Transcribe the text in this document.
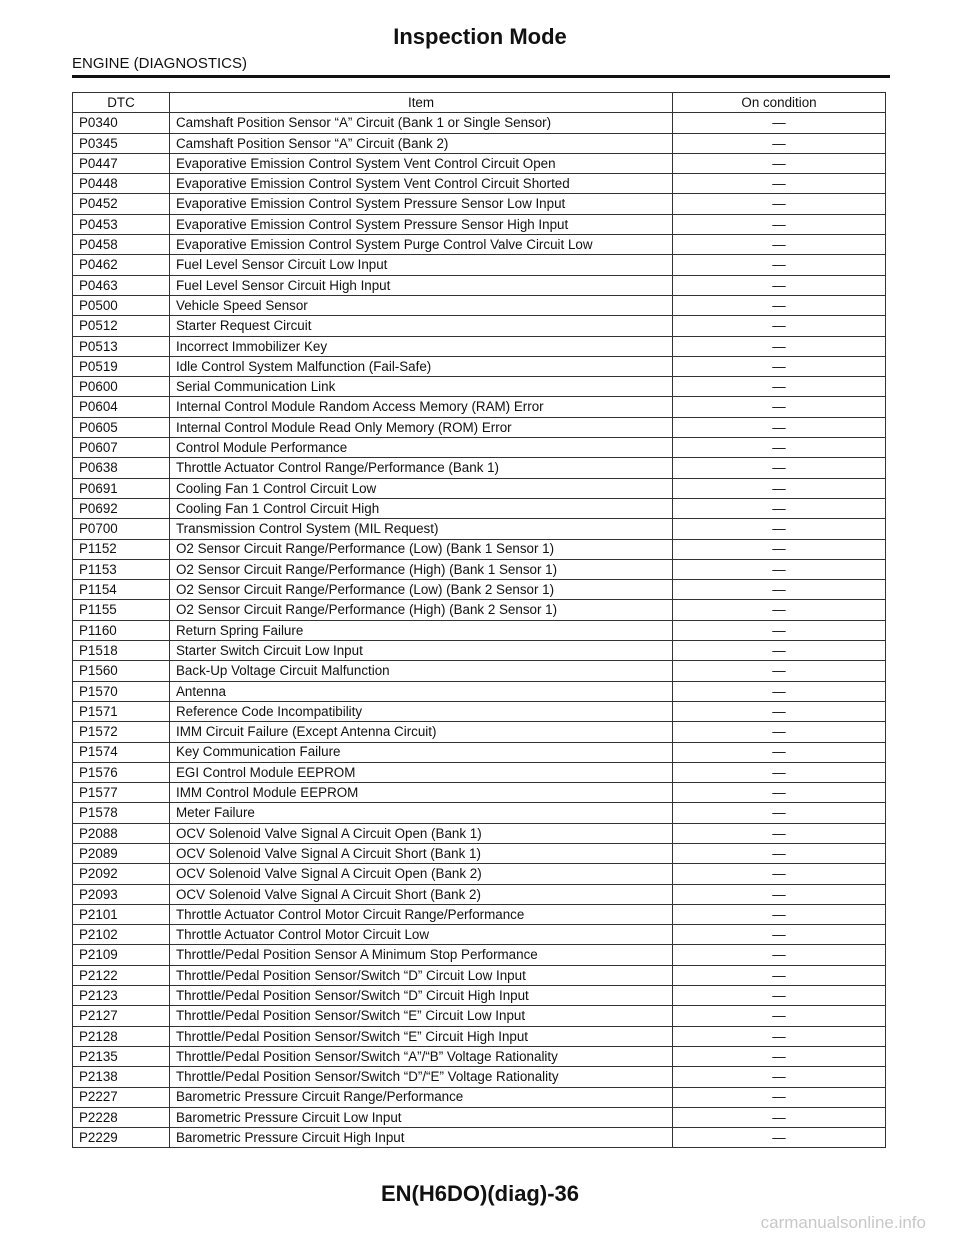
Inspection Mode
ENGINE (DIAGNOSTICS)
DTC	Item	On condition
P0340	Camshaft Position Sensor “A” Circuit (Bank 1 or Single Sensor)	—
P0345	Camshaft Position Sensor “A” Circuit (Bank 2)	—
P0447	Evaporative Emission Control System Vent Control Circuit Open	—
P0448	Evaporative Emission Control System Vent Control Circuit Shorted	—
P0452	Evaporative Emission Control System Pressure Sensor Low Input	—
P0453	Evaporative Emission Control System Pressure Sensor High Input	—
P0458	Evaporative Emission Control System Purge Control Valve Circuit Low	—
P0462	Fuel Level Sensor Circuit Low Input	—
P0463	Fuel Level Sensor Circuit High Input	—
P0500	Vehicle Speed Sensor	—
P0512	Starter Request Circuit	—
P0513	Incorrect Immobilizer Key	—
P0519	Idle Control System Malfunction (Fail-Safe)	—
P0600	Serial Communication Link	—
P0604	Internal Control Module Random Access Memory (RAM) Error	—
P0605	Internal Control Module Read Only Memory (ROM) Error	—
P0607	Control Module Performance	—
P0638	Throttle Actuator Control Range/Performance (Bank 1)	—
P0691	Cooling Fan 1 Control Circuit Low	—
P0692	Cooling Fan 1 Control Circuit High	—
P0700	Transmission Control System (MIL Request)	—
P1152	O2 Sensor Circuit Range/Performance (Low) (Bank 1 Sensor 1)	—
P1153	O2 Sensor Circuit Range/Performance (High) (Bank 1 Sensor 1)	—
P1154	O2 Sensor Circuit Range/Performance (Low) (Bank 2 Sensor 1)	—
P1155	O2 Sensor Circuit Range/Performance (High) (Bank 2 Sensor 1)	—
P1160	Return Spring Failure	—
P1518	Starter Switch Circuit Low Input	—
P1560	Back-Up Voltage Circuit Malfunction	—
P1570	Antenna	—
P1571	Reference Code Incompatibility	—
P1572	IMM Circuit Failure (Except Antenna Circuit)	—
P1574	Key Communication Failure	—
P1576	EGI Control Module EEPROM	—
P1577	IMM Control Module EEPROM	—
P1578	Meter Failure	—
P2088	OCV Solenoid Valve Signal A Circuit Open (Bank 1)	—
P2089	OCV Solenoid Valve Signal A Circuit Short (Bank 1)	—
P2092	OCV Solenoid Valve Signal A Circuit Open (Bank 2)	—
P2093	OCV Solenoid Valve Signal A Circuit Short (Bank 2)	—
P2101	Throttle Actuator Control Motor Circuit Range/Performance	—
P2102	Throttle Actuator Control Motor Circuit Low	—
P2109	Throttle/Pedal Position Sensor A Minimum Stop Performance	—
P2122	Throttle/Pedal Position Sensor/Switch “D” Circuit Low Input	—
P2123	Throttle/Pedal Position Sensor/Switch “D” Circuit High Input	—
P2127	Throttle/Pedal Position Sensor/Switch “E” Circuit Low Input	—
P2128	Throttle/Pedal Position Sensor/Switch “E” Circuit High Input	—
P2135	Throttle/Pedal Position Sensor/Switch “A”/“B” Voltage Rationality	—
P2138	Throttle/Pedal Position Sensor/Switch “D”/“E” Voltage Rationality	—
P2227	Barometric Pressure Circuit Range/Performance	—
P2228	Barometric Pressure Circuit Low Input	—
P2229	Barometric Pressure Circuit High Input	—
EN(H6DO)(diag)-36
carmanualsonline.info
